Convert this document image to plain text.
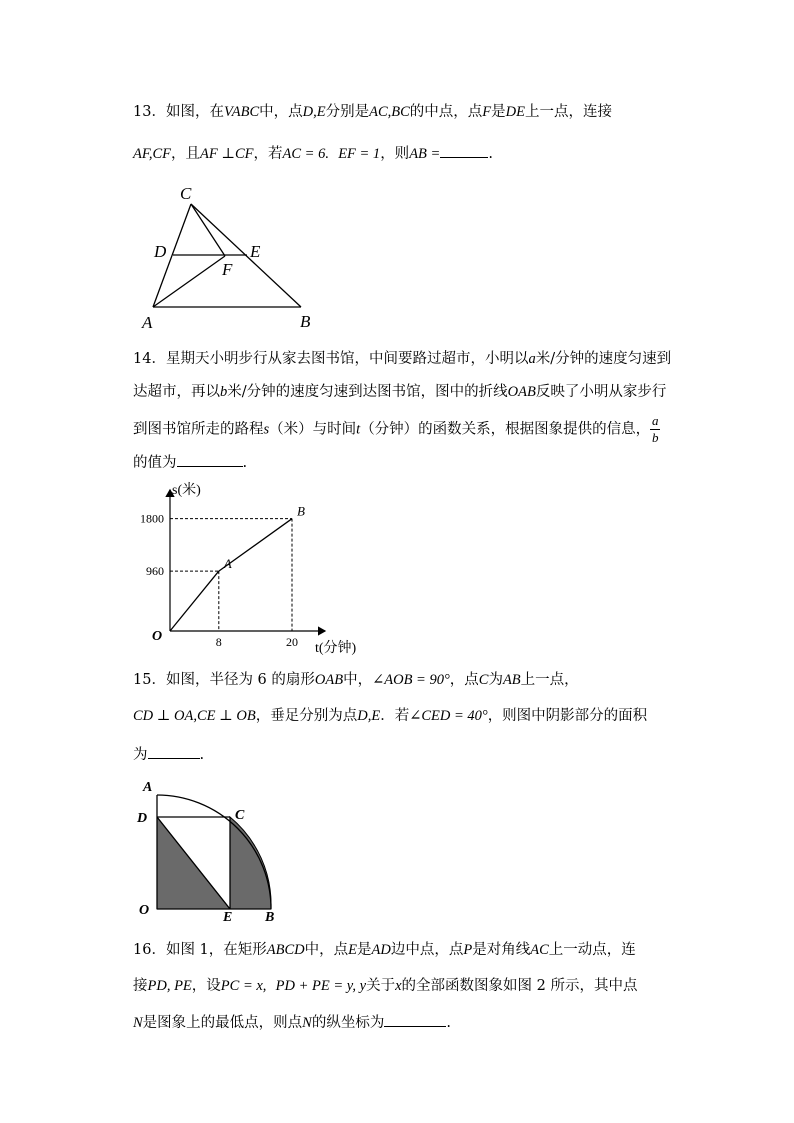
13．如图，在VABC中，点D,E分别是AC,BC的中点，点F是DE上一点，连接
AF,CF，且AF ⊥CF，若AC = 6. EF = 1，则AB =	.
C
D	E
F
A	B
14．星期天小明步行从家去图书馆，中间要路过超市，小明以a米/分钟的速度匀速到
达超市，再以b米/分钟的速度匀速到达图书馆，图中的折线OAB反映了小明从家步行
到图书馆所走的路程s（米）与时间t（分钟）的函数关系，根据图象提供的信息， $\frac{a}{b}$
的值为	.
s(米)
t(分钟)
O
A
B
960
1800
8	20
15．如图，半径为 6 的扇形OAB中，∠AOB = 90°，点C为AB上一点，
CD ⊥ OA,CE ⊥ OB，垂足分别为点D,E．若∠CED = 40°，则图中阴影部分的面积
为	.
A
D	C
O	E B
16．如图 1，在矩形ABCD中，点E是AD边中点，点P是对角线AC上一动点，连
接PD, PE，设PC = x, PD + PE = y, y关于x的全部函数图象如图 2 所示，其中点
N是图象上的最低点，则点N的纵坐标为	.
